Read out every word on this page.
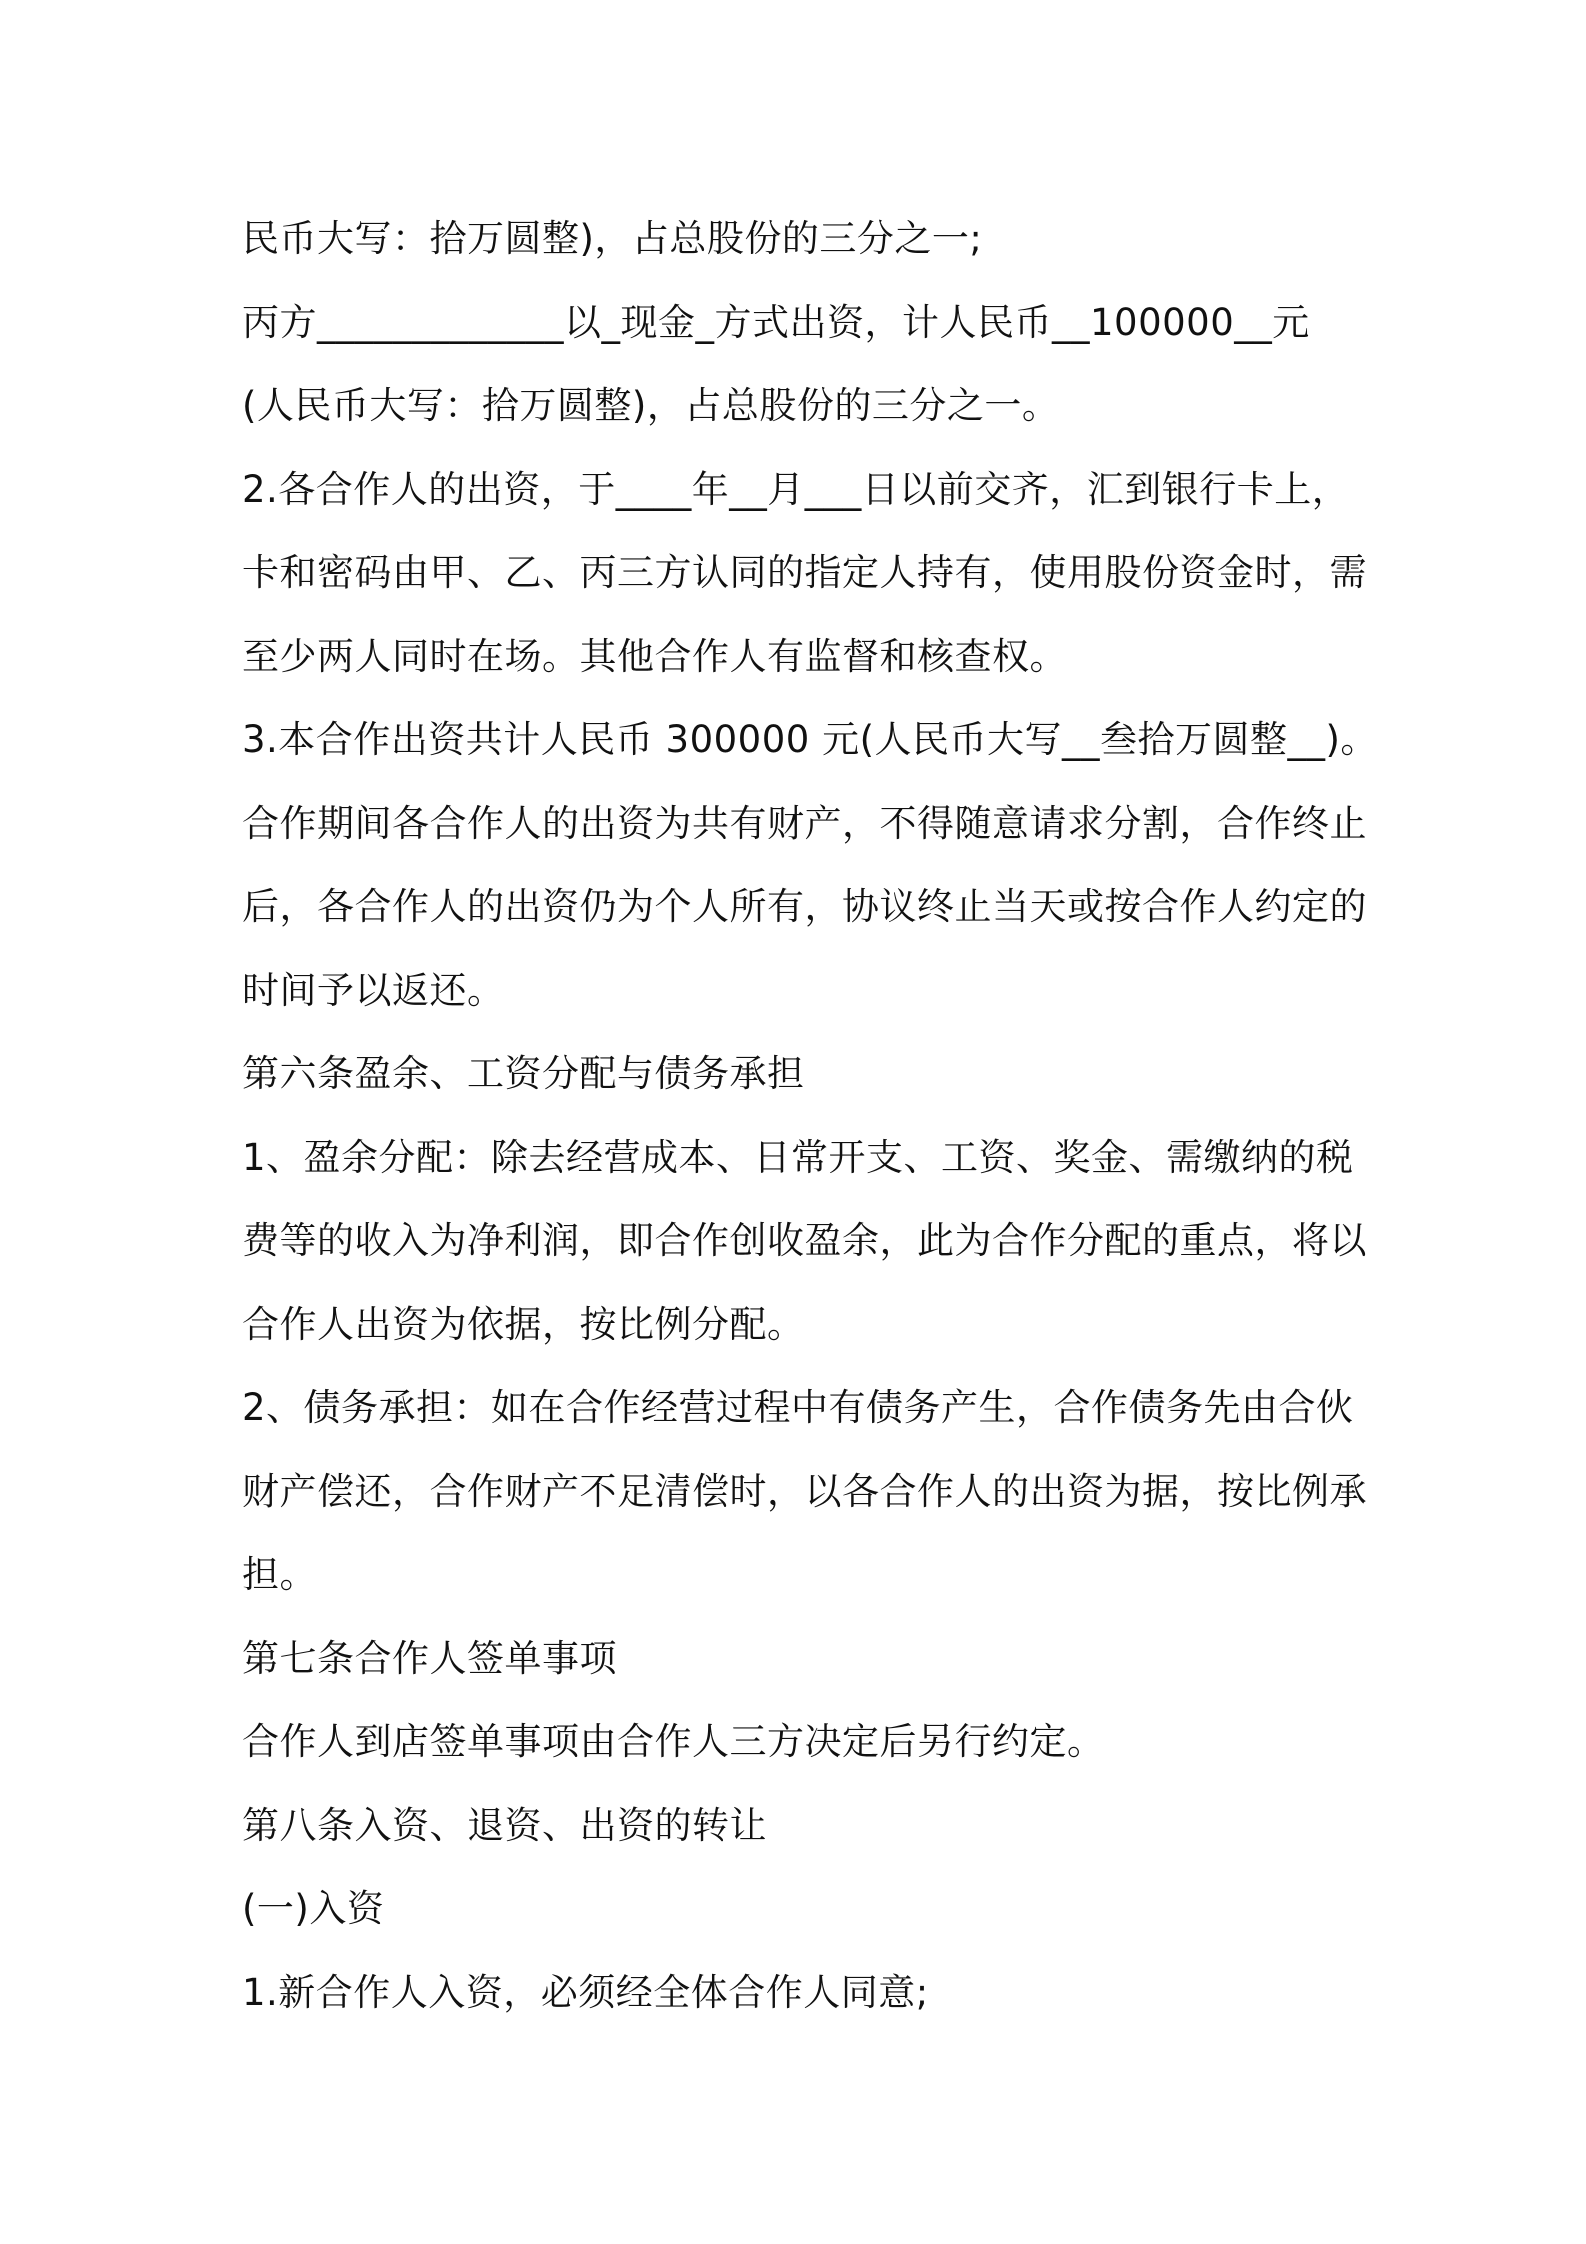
民币大写：拾万圆整)，占总股份的三分之一;
丙方_____________以_现金_方式出资，计人民币__100000__元
(人民币大写：拾万圆整)，占总股份的三分之一。
2.各合作人的出资，于____年__月___日以前交齐，汇到银行卡上，
卡和密码由甲、乙、丙三方认同的指定人持有，使用股份资金时，需
至少两人同时在场。其他合作人有监督和核查权。
3.本合作出资共计人民币 300000 元(人民币大写__叁拾万圆整__)。
合作期间各合作人的出资为共有财产，不得随意请求分割，合作终止
后，各合作人的出资仍为个人所有，协议终止当天或按合作人约定的
时间予以返还。
第六条盈余、工资分配与债务承担
1、盈余分配：除去经营成本、日常开支、工资、奖金、需缴纳的税
费等的收入为净利润，即合作创收盈余，此为合作分配的重点，将以
合作人出资为依据，按比例分配。
2、债务承担：如在合作经营过程中有债务产生，合作债务先由合伙
财产偿还，合作财产不足清偿时，以各合作人的出资为据，按比例承
担。
第七条合作人签单事项
合作人到店签单事项由合作人三方决定后另行约定。
第八条入资、退资、出资的转让
(一)入资
1.新合作人入资，必须经全体合作人同意;
